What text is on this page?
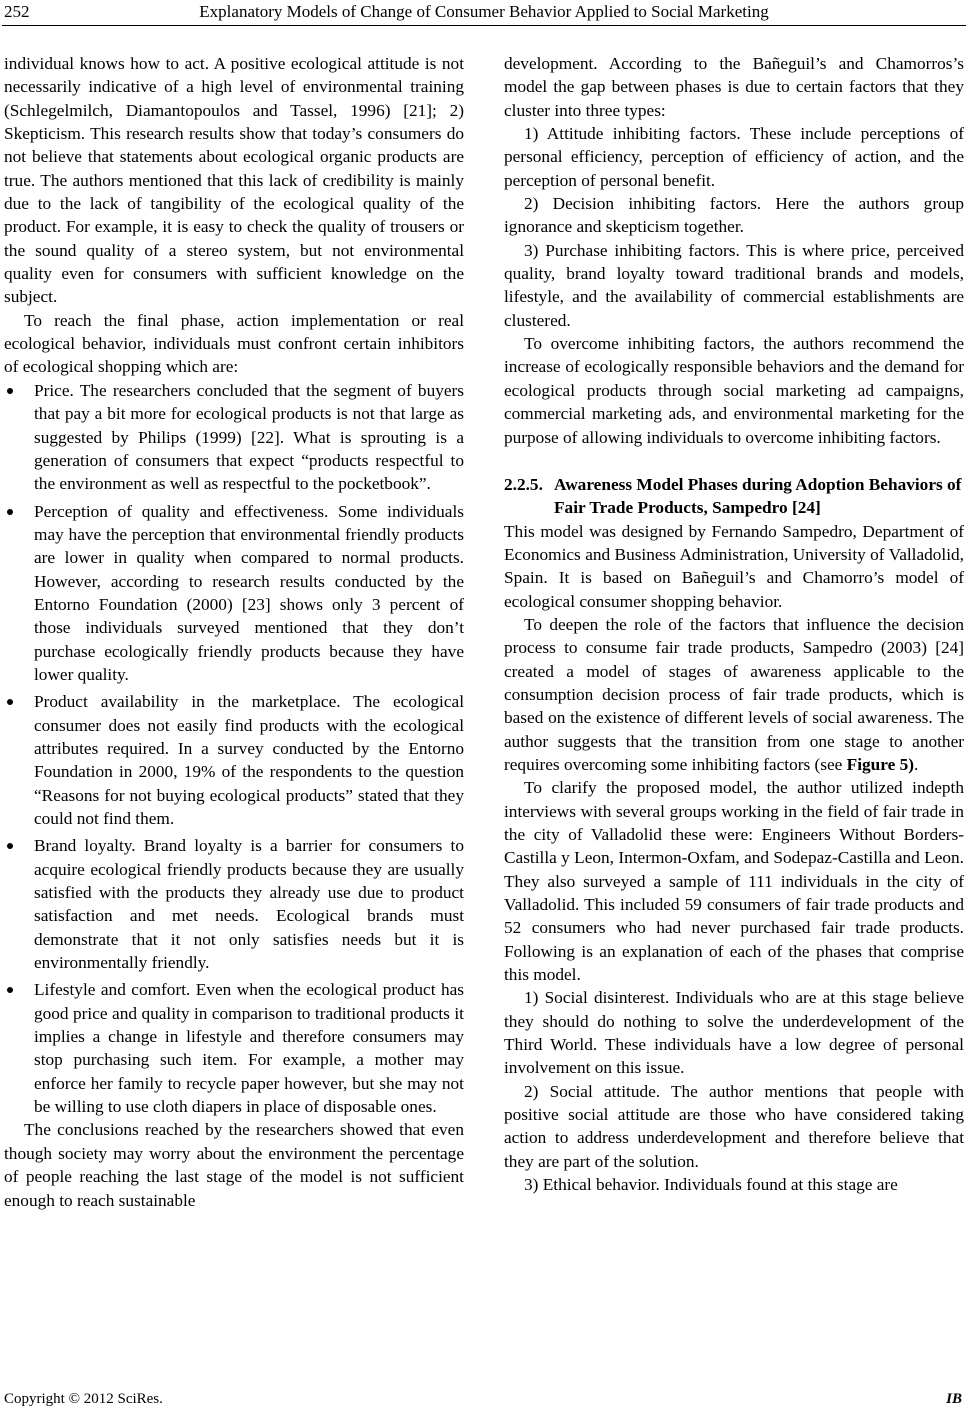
252	Explanatory Models of Change of Consumer Behavior Applied to Social Marketing

individual knows how to act. A positive ecological attitude is not necessarily indicative of a high level of environmental training (Schlegelmilch, Diamantopoulos and Tassel, 1996) [21]; 2) Skepticism. This research results show that today’s consumers do not believe that statements about ecological organic products are true. The authors mentioned that this lack of credibility is mainly due to the lack of tangibility of the ecological quality of the product. For example, it is easy to check the quality of trousers or the sound quality of a stereo system, but not environmental quality even for consumers with sufficient knowledge on the subject.

To reach the final phase, action implementation or real ecological behavior, individuals must confront certain inhibitors of ecological shopping which are:

Price. The researchers concluded that the segment of buyers that pay a bit more for ecological products is not that large as suggested by Philips (1999) [22]. What is sprouting is a generation of consumers that expect “products respectful to the environment as well as respectful to the pocketbook”.
Perception of quality and effectiveness. Some individuals may have the perception that environmental friendly products are lower in quality when compared to normal products. However, according to research results conducted by the Entorno Foundation (2000) [23] shows only 3 percent of those individuals surveyed mentioned that they don’t purchase ecologically friendly products because they have lower quality.
Product availability in the marketplace. The ecological consumer does not easily find products with the ecological attributes required. In a survey conducted by the Entorno Foundation in 2000, 19% of the respondents to the question “Reasons for not buying ecological products” stated that they could not find them.
Brand loyalty. Brand loyalty is a barrier for consumers to acquire ecological friendly products because they are usually satisfied with the products they already use due to product satisfaction and met needs. Ecological brands must demonstrate that it not only satisfies needs but it is environmentally friendly.
Lifestyle and comfort. Even when the ecological product has good price and quality in comparison to traditional products it implies a change in lifestyle and therefore consumers may stop purchasing such item. For example, a mother may enforce her family to recycle paper however, but she may not be willing to use cloth diapers in place of disposable ones.

The conclusions reached by the researchers showed that even though society may worry about the environment the percentage of people reaching the last stage of the model is not sufficient enough to reach sustainable

development. According to the Bañeguil’s and Chamorros’s model the gap between phases is due to certain factors that they cluster into three types:

1) Attitude inhibiting factors. These include perceptions of personal efficiency, perception of efficiency of action, and the perception of personal benefit.

2) Decision inhibiting factors. Here the authors group ignorance and skepticism together.

3) Purchase inhibiting factors. This is where price, perceived quality, brand loyalty toward traditional brands and models, lifestyle, and the availability of commercial establishments are clustered.

To overcome inhibiting factors, the authors recommend the increase of ecologically responsible behaviors and the demand for ecological products through social marketing ad campaigns, commercial marketing ads, and environmental marketing for the purpose of allowing individuals to overcome inhibiting factors.

2.2.5. Awareness Model Phases during Adoption Behaviors of Fair Trade Products, Sampedro [24]

This model was designed by Fernando Sampedro, Department of Economics and Business Administration, University of Valladolid, Spain. It is based on Bañeguil’s and Chamorro’s model of ecological consumer shopping behavior.

To deepen the role of the factors that influence the decision process to consume fair trade products, Sampedro (2003) [24] created a model of stages of awareness applicable to the consumption decision process of fair trade products, which is based on the existence of different levels of social awareness. The author suggests that the transition from one stage to another requires overcoming some inhibiting factors (see Figure 5).

To clarify the proposed model, the author utilized indepth interviews with several groups working in the field of fair trade in the city of Valladolid these were: Engineers Without Borders-Castilla y Leon, Intermon-Oxfam, and Sodepaz-Castilla and Leon. They also surveyed a sample of 111 individuals in the city of Valladolid. This included 59 consumers of fair trade products and 52 consumers who had never purchased fair trade products. Following is an explanation of each of the phases that comprise this model.

1) Social disinterest. Individuals who are at this stage believe they should do nothing to solve the underdevelopment of the Third World. These individuals have a low degree of personal involvement on this issue.

2) Social attitude. The author mentions that people with positive social attitude are those who have considered taking action to address underdevelopment and therefore believe that they are part of the solution.

3) Ethical behavior. Individuals found at this stage are

Copyright © 2012 SciRes.	IB
